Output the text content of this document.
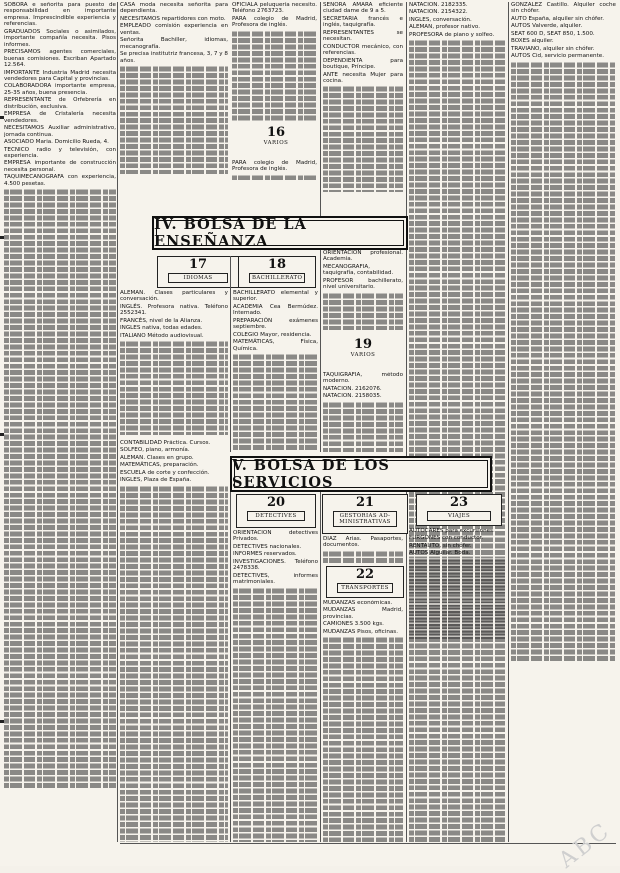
SOBORA e señorita para puesto de responsabilidad en importante empresa. Imprescindible experiencia y referencias.

GRADUADOS Sociales o asimilados, importante compañía necesita. Pisos informes.

PRECISAMOS agentes comerciales, buenas comisiones. Escriban Apartado 12.564.

IMPORTANTE Industria Madrid necesita vendedores para Capital y provincias.

COLABORADORA importante empresa, 25-35 años, buena presencia.

REPRESENTANTE de Orfebrería en distribución, esclusiva.

EMPRESA de Cristalería necesita vendedores.

NECESITAMOS Auxiliar administrativo, jornada continua.

ASOCIADO Maria. Domicilio Rueda, 4.

TECNICO radio y televisión, con experiencia.

EMPRESA importante de construcción necesita personal.

TAQUIMECANOGRAFA con experiencia, 4.500 pesetas.

CASA moda necesita señorita para dependienta.

NECESITAMOS repartidores con moto.

EMPLEADO comisión experiencia en ventas.

Señorita Bachiller, idiomas, mecanografía.

Se precisa institutriz francesa, 3, 7 y 8 años.

OFICIALA peluquería necesito. Teléfono 2763723.

PARA colegio de Madrid, Profesora de inglés.

16
VARIOS

PARA colegio de Madrid, Profesora de inglés.

SEÑORA AMARA eficiente ciudad dame de 9 a 5.

SECRETARIA francés e inglés, taquigrafía.

REPRESENTANTES se necesitan.

CONDUCTOR mecánico, con referencias.

DEPENDIENTA para boutique, Príncipe.

ANTE necesita Mujer para cocina.

NATACION. 2182335.

NATACION. 2154322.

INGLES, conversación.

ALEMAN, profesor nativo.

PROFESORA de piano y solfeo.

GONZALEZ Castillo. Alquiler coche sin chófer.

AUTO España, alquiler sin chófer.

AUTOS Valverde, alquiler.

SEAT 600 D, SEAT 850, 1.500.

BOXES alquiler.

TRAVIANO, alquiler sin chófer.

AUTOS Cid, servicio permanente.

IV. BOLSA DE LA ENSEÑANZA
17
IDIOMAS
18
BACHILLERATO

ALEMÁN. Clases particulares y conversación.

INGLÉS. Profesora nativa. Teléfono 2552341.

FRANCÉS, nivel de la Alianza.

INGLES nativa, todas edades.

ITALIANO Método audiovisual.

BACHILLERATO elemental y superior.

ACADEMIA Cea Bermúdez. Internado.

PREPARACIÓN exámenes septiembre.

COLEGIO Mayor, residencia.

MATEMÁTICAS, Física, Química.

ORIENTACION profesional. Academia.

MECANOGRAFIA, taquigrafía, contabilidad.

PROFESOR bachillerato, nivel universitario.

19
VARIOS

TAQUIGRAFIA, método moderno.

NATACION. 2162076.

NATACION. 2158035.

V. BOLSA DE LOS SERVICIOS

CONTABILIDAD Práctica. Cursos.

SOLFEO, piano, armonía.

ALEMAN. Clases en grupo.

MATEMÁTICAS, preparación.

ESCUELA de corte y confección.

INGLES, Plaza de España.

20
DETECTIVES
21
GESTORIAS AD-MINISTRATIVAS
23
VIAJES

ORIENTACION detectives Privados.

DETECTIVES nacionales.

INFORMES reservados.

INVESTIGACIONES. Teléfono 2478338.

DETECTIVES, informes matrimoniales.

DIAZ Arias. Pasaportes, documentos.

22
TRANSPORTES

MUDANZAS económicas.

MUDANZAS Madrid, provincias.

CAMIONES 3.500 kgs.

MUDANZAS Pisos, oficinas.

AUTOCARES para excursiones.

FURGONES con conductor.

RENTAUTO, sin chófer.

AUTOS Alguilar. Boda.

ABC
